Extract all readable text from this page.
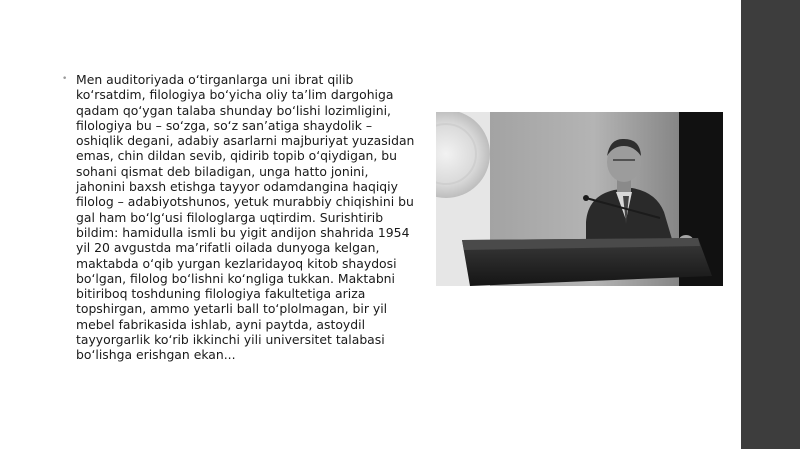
• Men auditoriyada o‘tirganlarga uni ibrat qilib ko‘rsatdim, filologiya bo‘yicha oliy ta’lim dargohiga qadam qo‘ygan talaba shunday bo‘lishi lozimligini, filologiya bu – so‘zga, so‘z san’atiga shaydolik – oshiqlik degani, adabiy asarlarni majburiyat yuzasidan emas, chin dildan sevib, qidirib topib o‘qiydigan, bu sohani qismat deb biladigan, unga hatto jonini, jahonini baxsh etishga tayyor odamdangina haqiqiy filolog – adabiyotshunos, yetuk murabbiy chiqishini bu gal ham bo‘lg‘usi filologlarga uqtirdim. Surishtirib bildim: hamidulla ismli bu yigit andijon shahrida 1954 yil 20 avgustda ma’rifatli oilada dunyoga kelgan, maktabda o‘qib yurgan kezlaridayoq kitob shaydosi bo‘lgan, filolog bo‘lishni ko‘ngliga tukkan. Maktabni bitiriboq toshduning filologiya fakultetiga ariza topshirgan, ammo yetarli ball to‘plolmagan, bir yil mebel fabrikasida ishlab, ayni paytda, astoydil tayyorgarlik ko‘rib ikkinchi yili universitet talabasi bo‘lishga erishgan ekan...
